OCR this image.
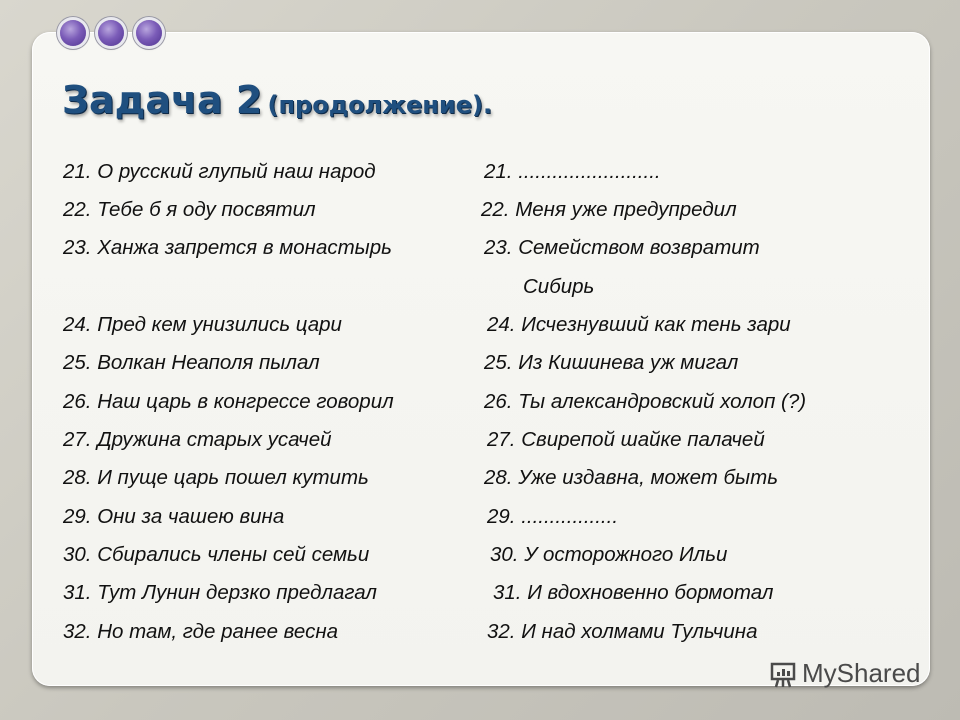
Задача 2 (продолжение).
21. О русский глупый наш народ
22. Тебе б я оду посвятил
23. Ханжа запрется в монастырь
24. Пред кем унизились цари
25. Волкан Неаполя пылал
26. Наш царь в конгрессе говорил
27. Дружина старых усачей
28. И пуще царь пошел кутить
29. Они за чашею вина
30. Сбирались члены сей семьи
31. Тут Лунин дерзко предлагал
32. Но там, где ранее весна
21. .........................
22. Меня уже предупредил
23. Семейством возвратит
Сибирь
24. Исчезнувший как тень зари
25. Из Кишинева уж мигал
26. Ты александровский холоп (?)
27. Свирепой шайке палачей
28. Уже издавна, может быть
29. .................
30. У осторожного Ильи
31. И вдохновенно бормотал
32. И над холмами Тульчина
MyShared
